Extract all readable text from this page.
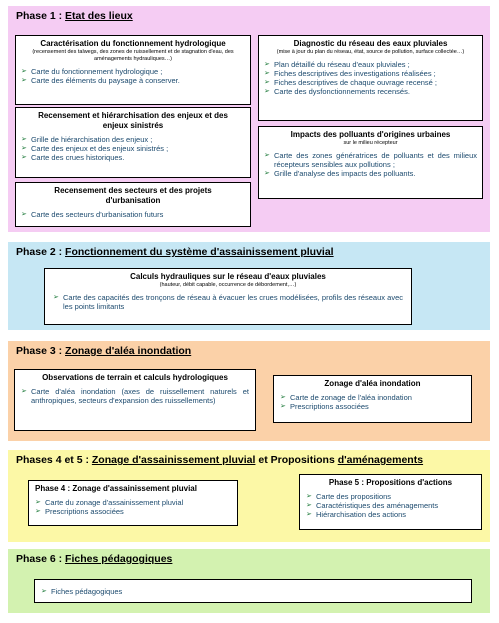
Phase 1 : Etat des lieux
Caractérisation du fonctionnement hydrologique
(recensement des talwegs, des zones de ruissellement et de stagnation d'eau, des aménagements hydrauliques…)
➢ Carte du fonctionnement hydrologique ;
➢ Carte des éléments du paysage à conserver.
Recensement et hiérarchisation des enjeux et des enjeux sinistrés
➢ Grille de hiérarchisation des enjeux ;
➢ Carte des enjeux et des enjeux sinistrés ;
➢ Carte des crues historiques.
Recensement des secteurs et des projets d'urbanisation
➢ Carte des secteurs d'urbanisation futurs
Diagnostic du réseau des eaux pluviales
(mise à jour du plan du réseau, état, source de pollution, surface collectée…)
➢ Plan détaillé du réseau d'eaux pluviales ;
➢ Fiches descriptives des investigations réalisées ;
➢ Fiches descriptives de chaque ouvrage recensé ;
➢ Carte des dysfonctionnements recensés.
Impacts des polluants d'origines urbaines
sur le milieu récepteur
➢ Carte des zones génératrices de polluants et des milieux récepteurs sensibles aux pollutions ;
➢ Grille d'analyse des impacts des polluants.
Phase 2 : Fonctionnement du système d'assainissement pluvial
Calculs hydrauliques sur le réseau d'eaux pluviales
(hauteur, débit capable, occurrence de débordement,…)
➢ Carte des capacités des tronçons de réseau à évacuer les crues modélisées, profils des réseaux avec les points limitants
Phase 3 : Zonage d'aléa inondation
Observations de terrain et calculs hydrologiques
➢ Carte d'aléa inondation (axes de ruissellement naturels et anthropiques, secteurs d'expansion des ruissellements)
Zonage d'aléa inondation
➢ Carte de zonage de l'aléa inondation
➢ Prescriptions associées
Phases 4 et 5 : Zonage d'assainissement pluvial et Propositions d'aménagements
Phase 4 : Zonage d'assainissement pluvial
➢ Carte du zonage d'assainissement pluvial
➢ Prescriptions associées
Phase 5 : Propositions d'actions
➢ Carte des propositions
➢ Caractéristiques des aménagements
➢ Hiérarchisation des actions
Phase 6 : Fiches pédagogiques
➢ Fiches pédagogiques
